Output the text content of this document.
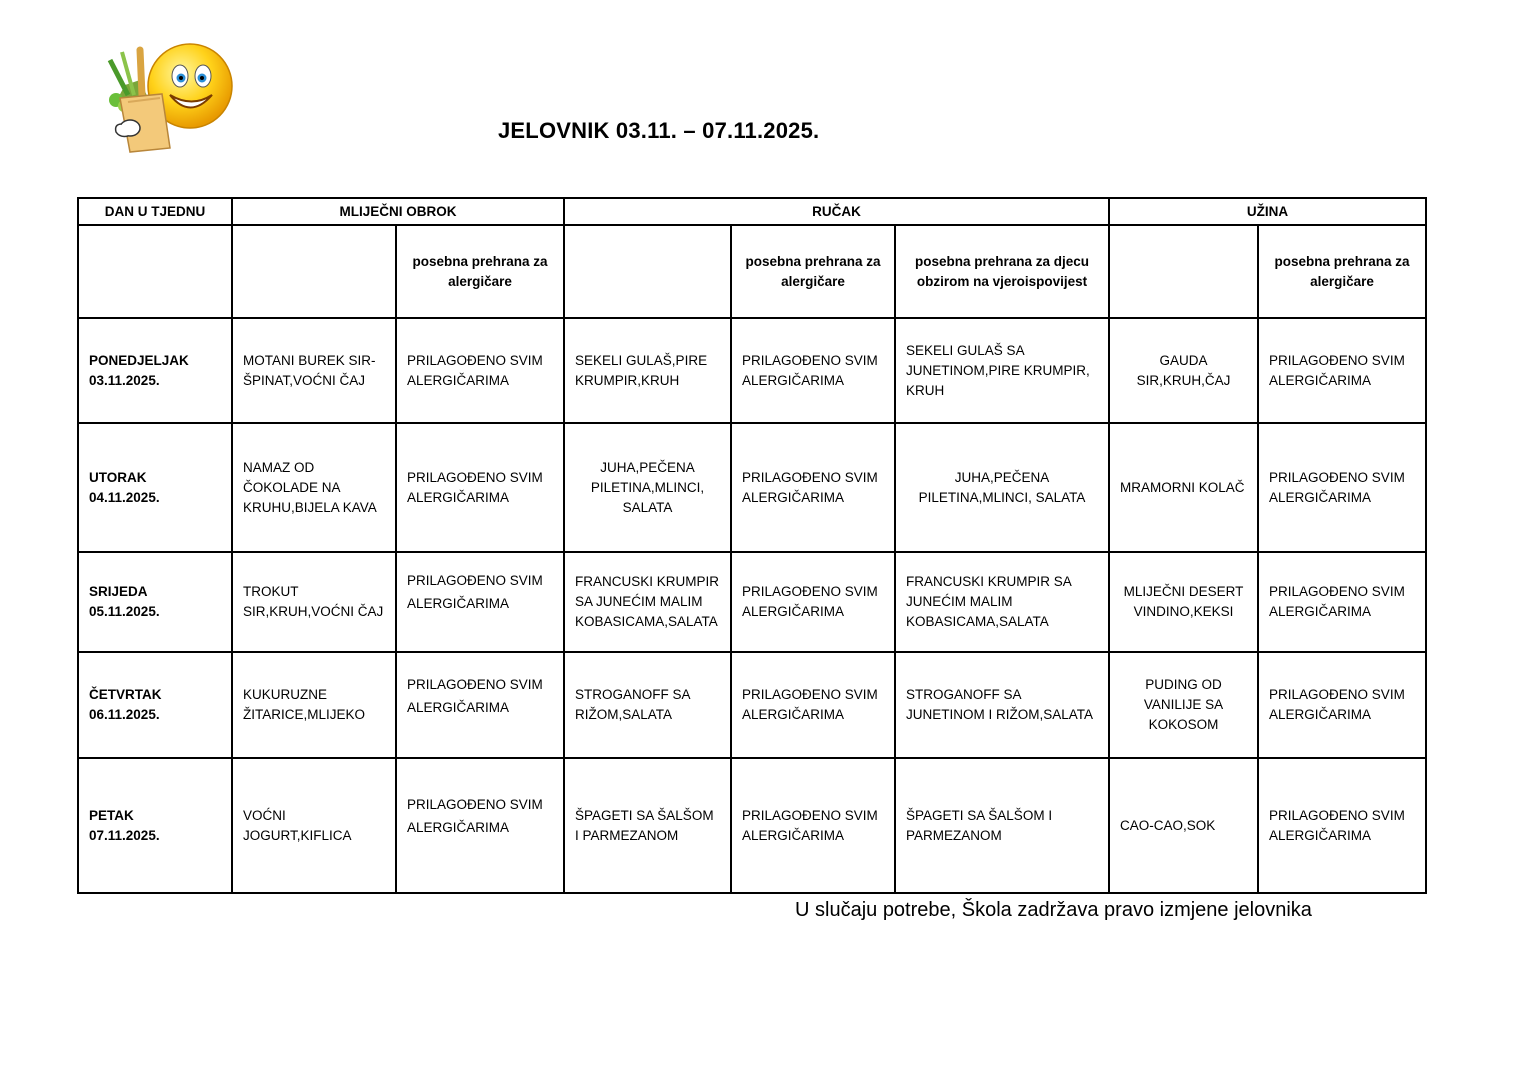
JELOVNIK 03.11. – 07.11.2025.
DAN U TJEDNU	MLIJEČNI OBROK		RUČAK			UŽINA	
		posebna prehrana za alergičare		posebna prehrana za alergičare	posebna prehrana za djecu obzirom na vjeroispovijest		posebna prehrana za alergičare

PONEDJELJAK
03.11.2025.	MOTANI BUREK SIR-ŠPINAT,VOĆNI ČAJ	PRILAGOĐENO SVIM ALERGIČARIMA	SEKELI GULAŠ,PIRE KRUMPIR,KRUH	PRILAGOĐENO SVIM ALERGIČARIMA	SEKELI GULAŠ SA JUNETINOM,PIRE KRUMPIR, KRUH	GAUDA SIR,KRUH,ČAJ	PRILAGOĐENO SVIM ALERGIČARIMA

UTORAK
04.11.2025.	NAMAZ OD ČOKOLADE NA KRUHU,BIJELA KAVA	PRILAGOĐENO SVIM ALERGIČARIMA	JUHA,PEČENA PILETINA,MLINCI, SALATA	PRILAGOĐENO SVIM ALERGIČARIMA	JUHA,PEČENA PILETINA,MLINCI, SALATA	MRAMORNI KOLAČ	PRILAGOĐENO SVIM ALERGIČARIMA

SRIJEDA
05.11.2025.	TROKUT SIR,KRUH,VOĆNI ČAJ	PRILAGOĐENO SVIM ALERGIČARIMA	FRANCUSKI KRUMPIR SA JUNEĆIM MALIM KOBASICAMA,SALATA	PRILAGOĐENO SVIM ALERGIČARIMA	FRANCUSKI KRUMPIR SA JUNEĆIM MALIM KOBASICAMA,SALATA	MLIJEČNI DESERT VINDINO,KEKSI	PRILAGOĐENO SVIM ALERGIČARIMA

ČETVRTAK
06.11.2025.	KUKURUZNE ŽITARICE,MLIJEKO	PRILAGOĐENO SVIM ALERGIČARIMA	STROGANOFF SA RIŽOM,SALATA	PRILAGOĐENO SVIM ALERGIČARIMA	STROGANOFF SA JUNETINOM I RIŽOM,SALATA	PUDING OD VANILIJE SA KOKOSOM	PRILAGOĐENO SVIM ALERGIČARIMA

PETAK
07.11.2025.	VOĆNI JOGURT,KIFLICA	PRILAGOĐENO SVIM ALERGIČARIMA	ŠPAGETI SA ŠALŠOM I PARMEZANOM	PRILAGOĐENO SVIM ALERGIČARIMA	ŠPAGETI SA ŠALŠOM I PARMEZANOM	CAO-CAO,SOK	PRILAGOĐENO SVIM ALERGIČARIMA
U slučaju potrebe, Škola zadržava pravo izmjene jelovnika
